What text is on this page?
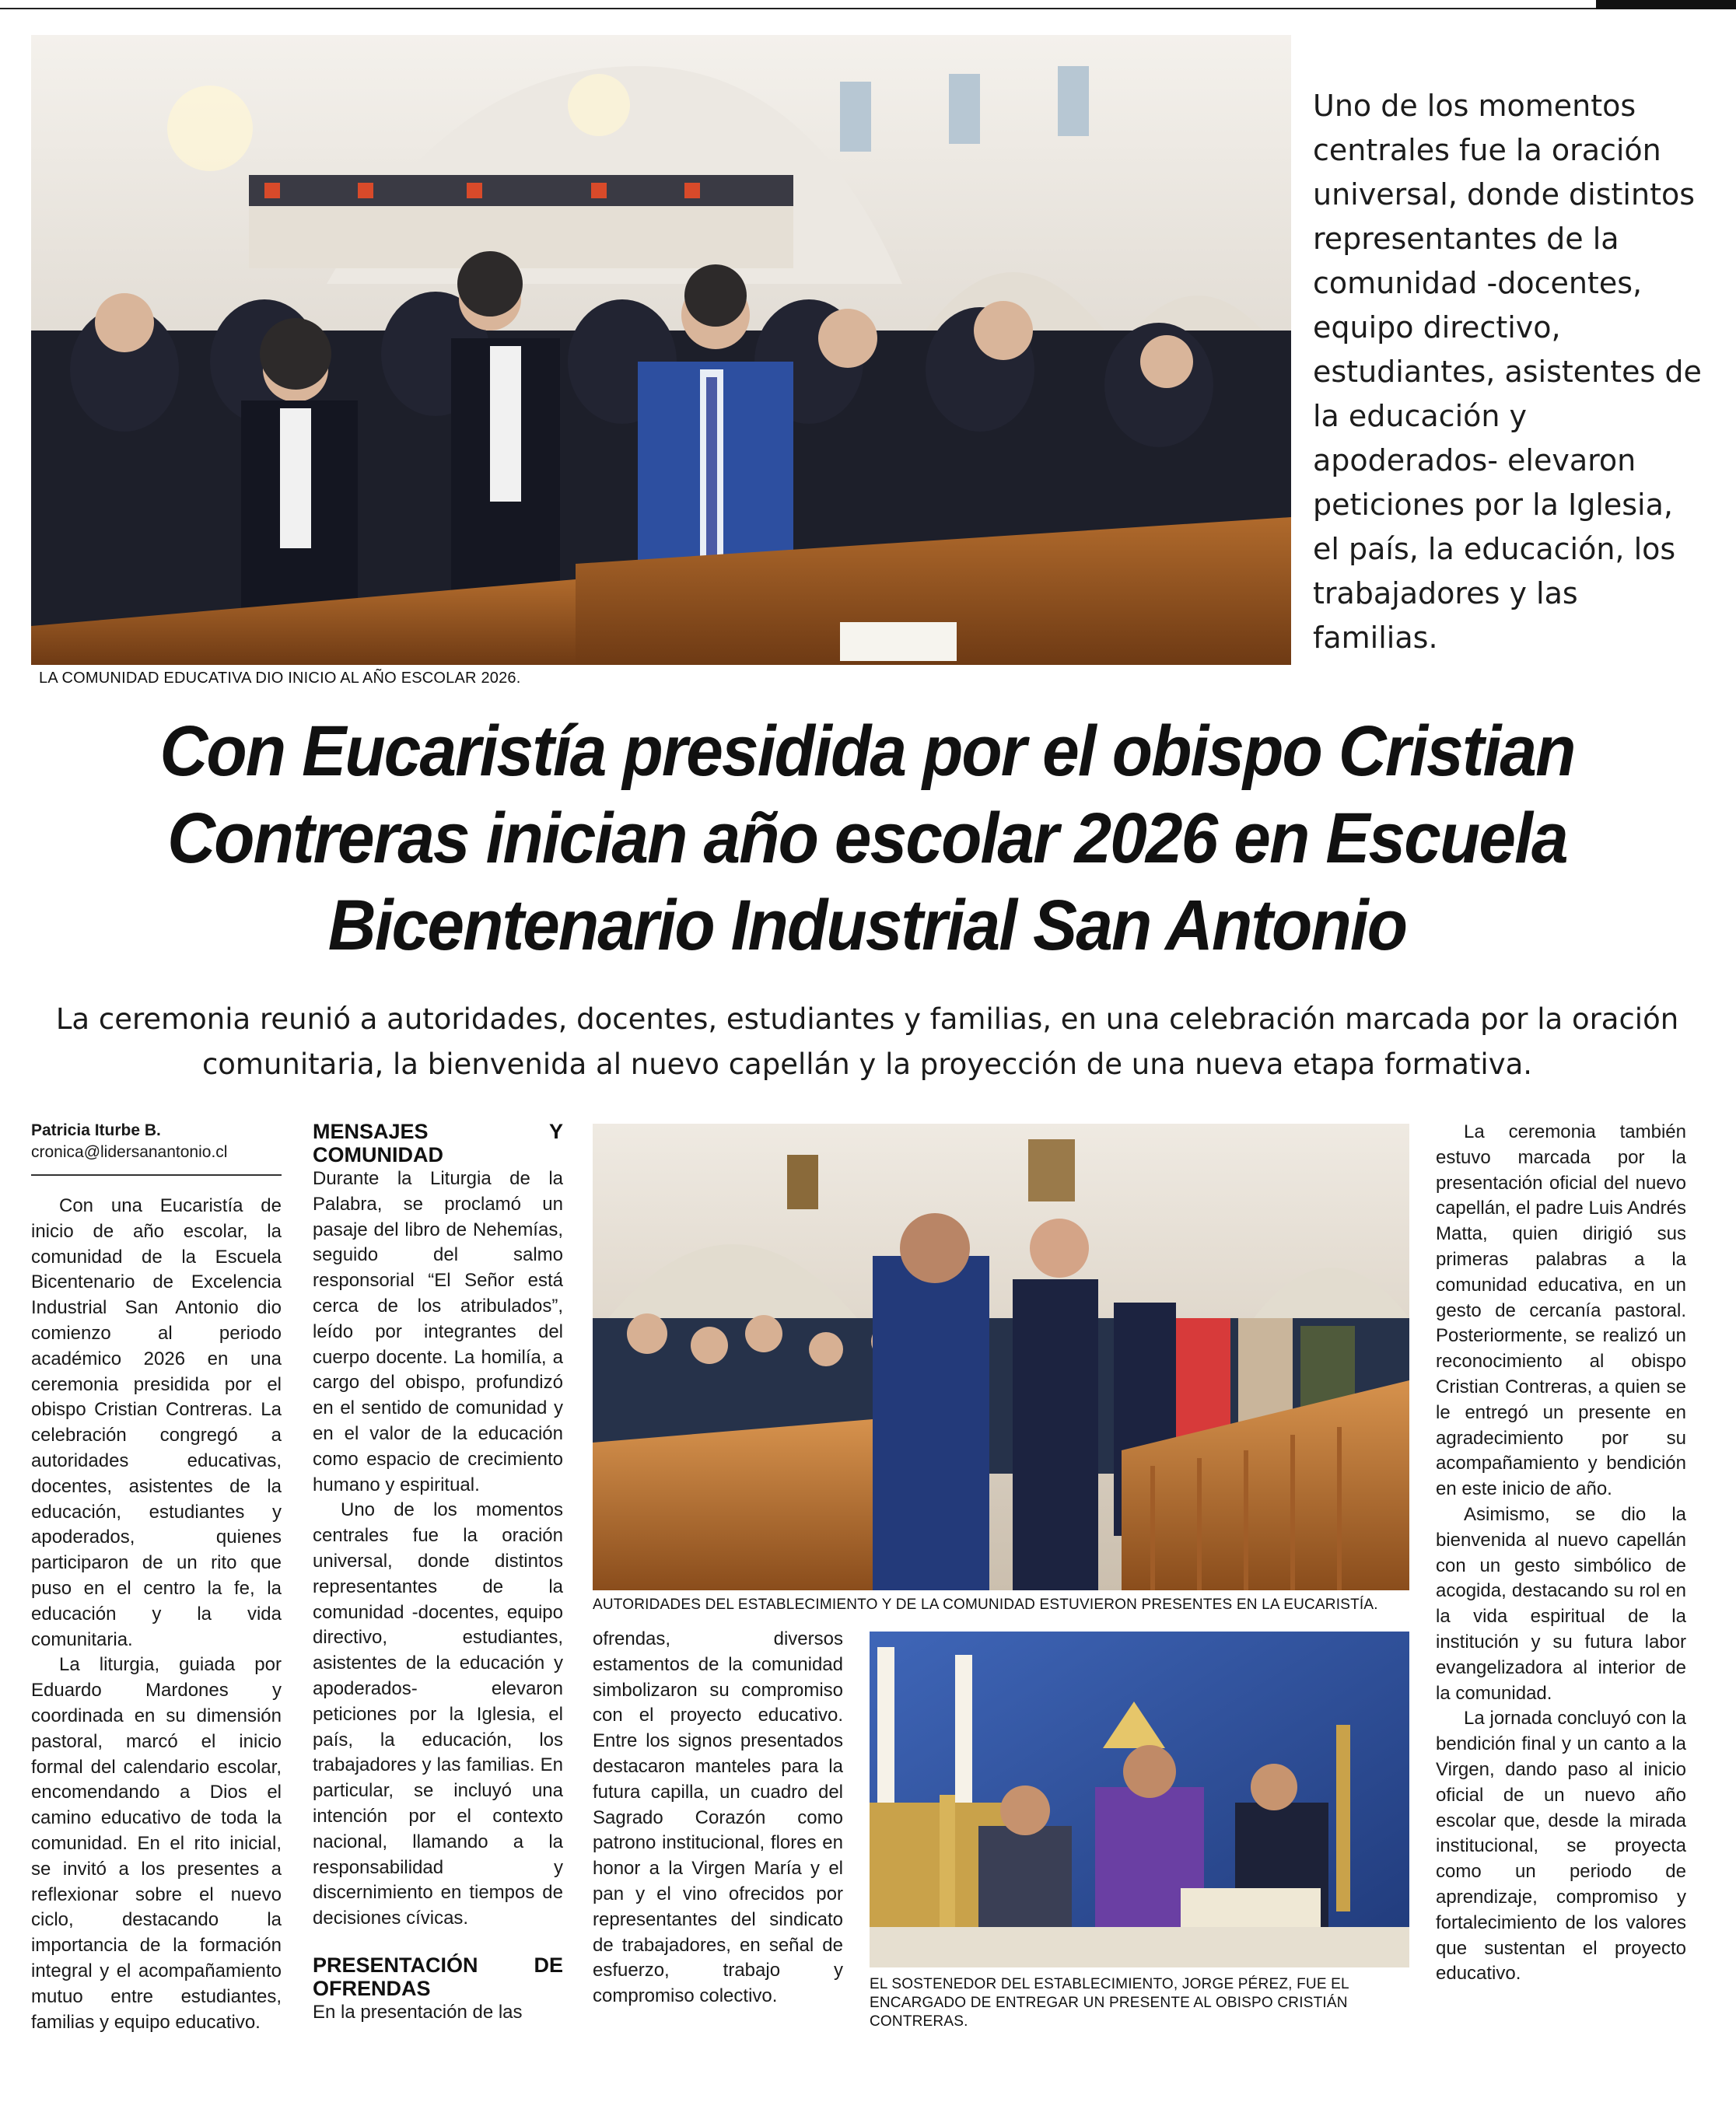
LA COMUNIDAD EDUCATIVA DIO INICIO AL AÑO ESCOLAR 2026.
Uno de los momentos
centrales fue la oración
universal, donde distintos
representantes de la
comunidad -docentes,
equipo directivo,
estudiantes, asistentes de
la educación y
apoderados- elevaron
peticiones por la Iglesia,
el país, la educación, los
trabajadores y las
familias.
Con Eucaristía presidida por el obispo Cristian
Contreras inician año escolar 2026 en Escuela
Bicentenario Industrial San Antonio
La ceremonia reunió a autoridades, docentes, estudiantes y familias, en una celebración marcada por la oración
comunitaria, la bienvenida al nuevo capellán y la proyección de una nueva etapa formativa.
Patricia Iturbe B.
cronica@lidersanantonio.cl

Con una Eucaristía de inicio de año escolar, la comunidad de la Escuela Bicentenario de Excelencia Industrial San Antonio dio comienzo al periodo académico 2026 en una ceremonia presidida por el obispo Cristian Contreras. La celebración congregó a autoridades educativas, docentes, asistentes de la educación, estudiantes y apoderados, quienes participaron de un rito que puso en el centro la fe, la educación y la vida comunitaria.

La liturgia, guiada por Eduardo Mardones y coordinada en su dimensión pastoral, marcó el inicio formal del calendario escolar, encomendando a Dios el camino educativo de toda la comunidad. En el rito inicial, se invitó a los presentes a reflexionar sobre el nuevo ciclo, destacando la importancia de la formación integral y el acompañamiento mutuo entre estudiantes, familias y equipo educativo.

MENSAJES Y COMUNIDAD

Durante la Liturgia de la Palabra, se proclamó un pasaje del libro de Nehemías, seguido del salmo responsorial “El Señor está cerca de los atribulados”, leído por integrantes del cuerpo docente. La homilía, a cargo del obispo, profundizó en el sentido de comunidad y en el valor de la educación como espacio de crecimiento humano y espiritual.

Uno de los momentos centrales fue la oración universal, donde distintos representantes de la comunidad -docentes, equipo directivo, estudiantes, asistentes de la educación y apoderados- elevaron peticiones por la Iglesia, el país, la educación, los trabajadores y las familias. En particular, se incluyó una intención por el contexto nacional, llamando a la responsabilidad y discernimiento en tiempos de decisiones cívicas.

PRESENTACIÓN DE OFRENDAS

En la presentación de las

AUTORIDADES DEL ESTABLECIMIENTO Y DE LA COMUNIDAD ESTUVIERON PRESENTES EN LA EUCARISTÍA.

ofrendas, diversos estamentos de la comunidad simbolizaron su compromiso con el proyecto educativo. Entre los signos presentados destacaron manteles para la futura capilla, un cuadro del Sagrado Corazón como patrono institucional, flores en honor a la Virgen María y el pan y el vino ofrecidos por representantes del sindicato de trabajadores, en señal de esfuerzo, trabajo y compromiso colectivo.

EL SOSTENEDOR DEL ESTABLECIMIENTO, JORGE PÉREZ, FUE EL
ENCARGADO DE ENTREGAR UN PRESENTE AL OBISPO CRISTIÁN
CONTRERAS.

La ceremonia también estuvo marcada por la presentación oficial del nuevo capellán, el padre Luis Andrés Matta, quien dirigió sus primeras palabras a la comunidad educativa, en un gesto de cercanía pastoral. Posteriormente, se realizó un reconocimiento al obispo Cristian Contreras, a quien se le entregó un presente en agradecimiento por su acompañamiento y bendición en este inicio de año.

Asimismo, se dio la bienvenida al nuevo capellán con un gesto simbólico de acogida, destacando su rol en la vida espiritual de la institución y su futura labor evangelizadora al interior de la comunidad.

La jornada concluyó con la bendición final y un canto a la Virgen, dando paso al inicio oficial de un nuevo año escolar que, desde la mirada institucional, se proyecta como un periodo de aprendizaje, compromiso y fortalecimiento de los valores que sustentan el proyecto educativo.
